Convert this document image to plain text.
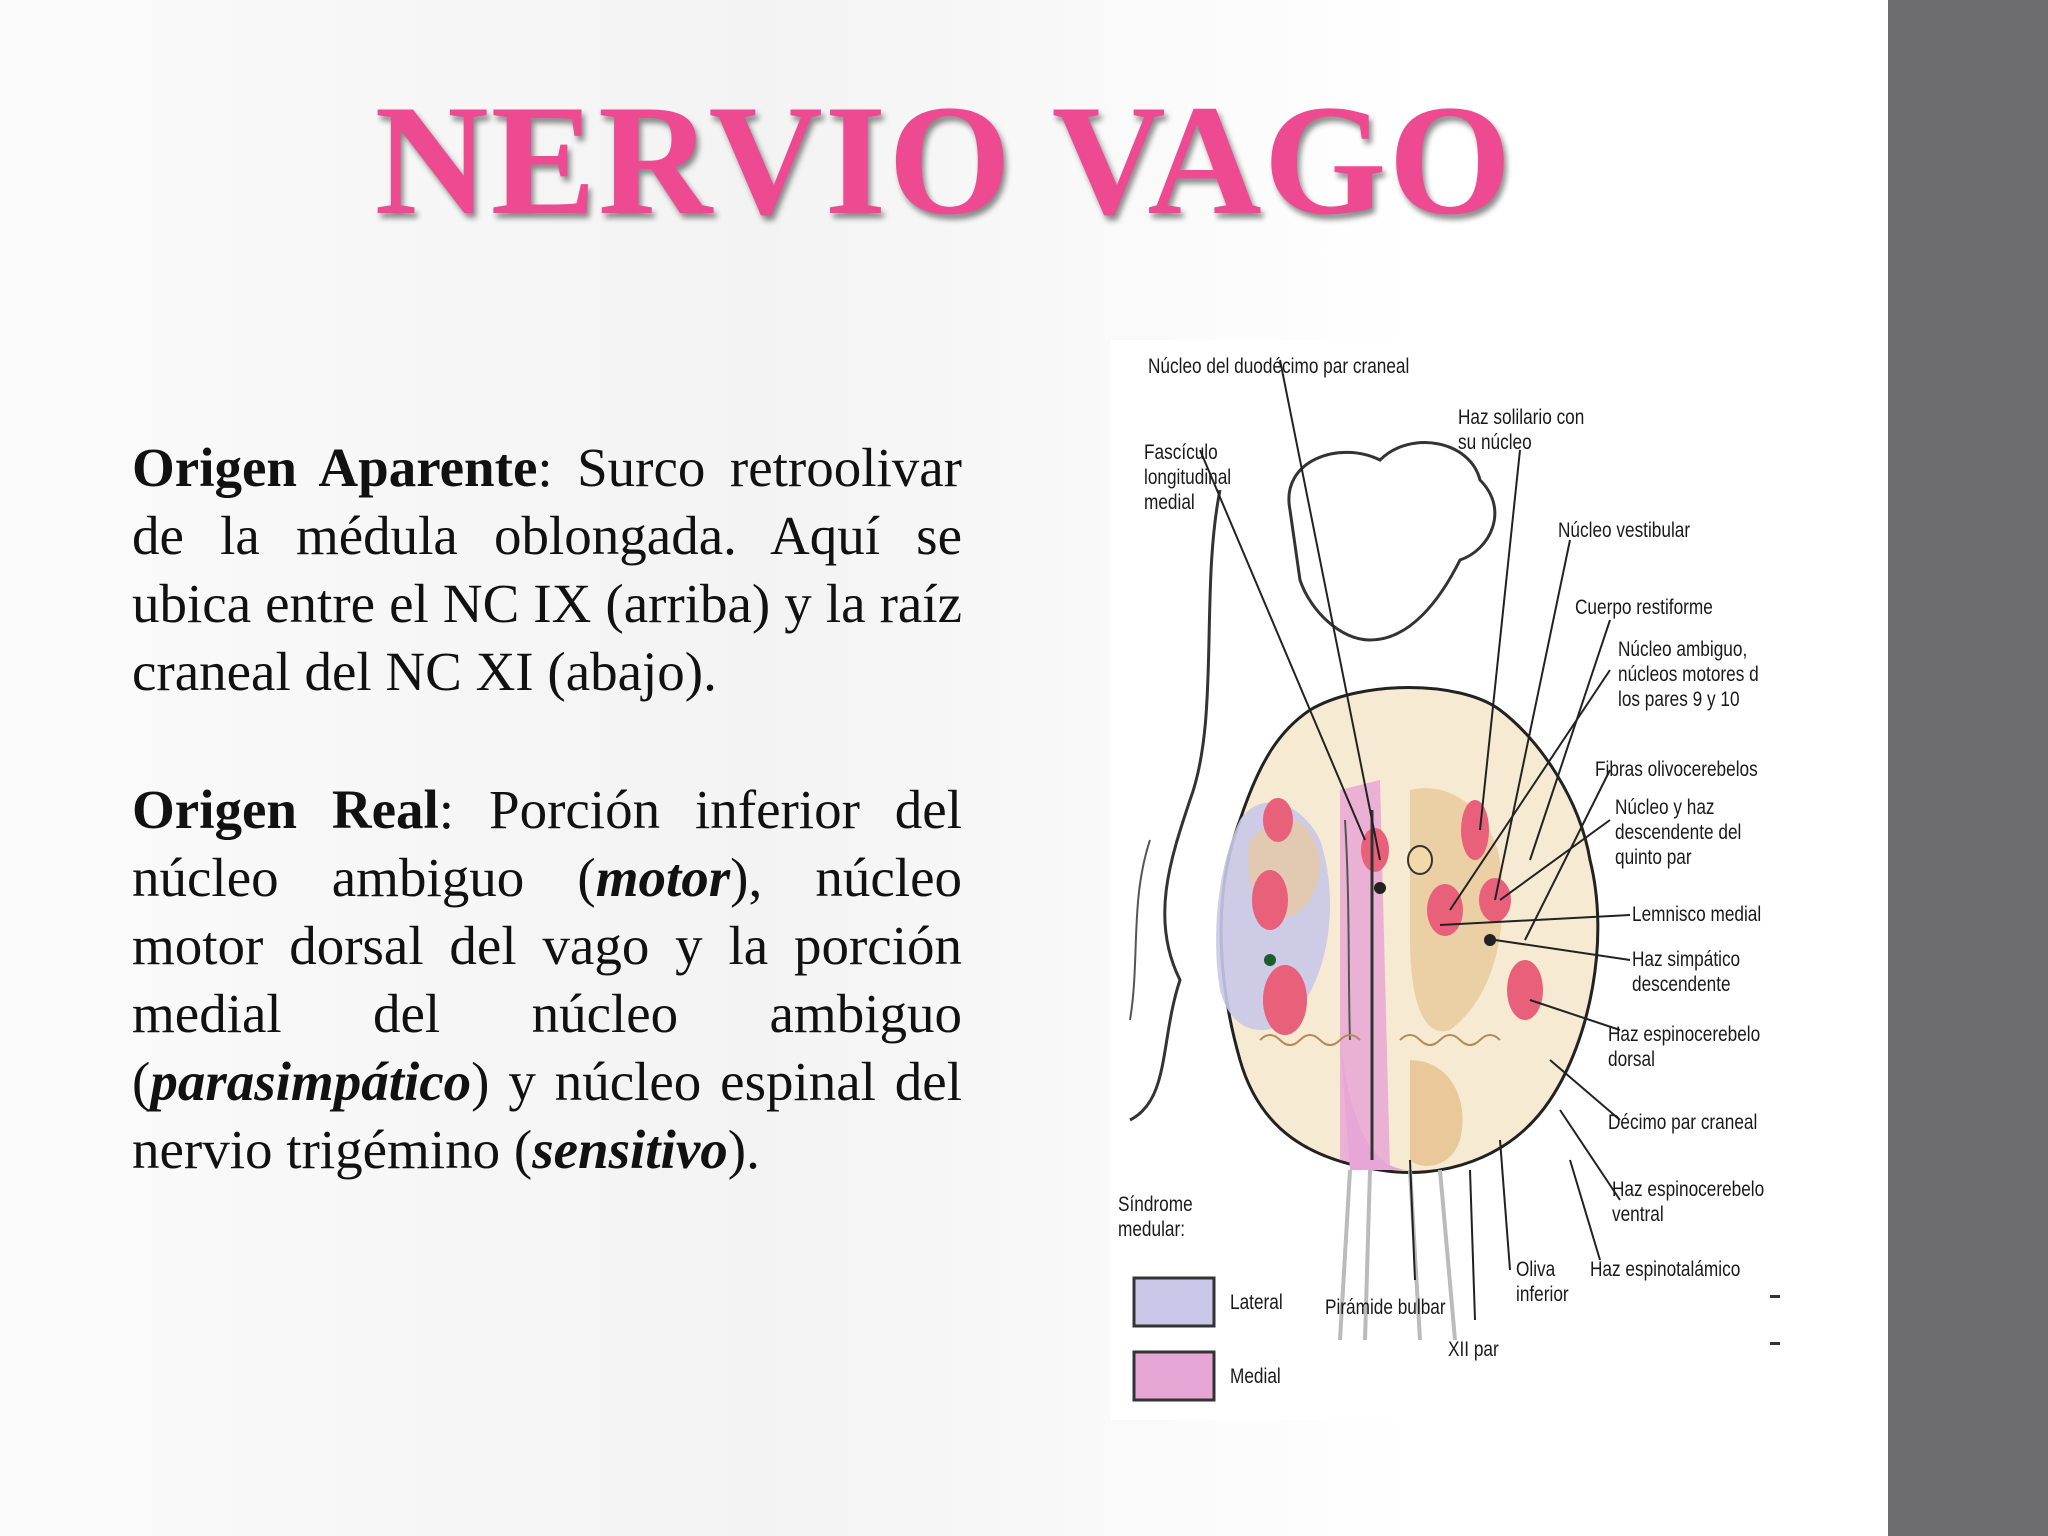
NERVIO VAGO

Origen Aparente: Surco retroolivar de la médula oblongada. Aquí se ubica entre el NC IX (arriba) y la raíz craneal del NC XI (abajo).

Origen Real: Porción inferior del núcleo ambiguo (motor), núcleo motor dorsal del vago y la porción medial del núcleo ambiguo (parasimpático) y núcleo espinal del nervio trigémino (sensitivo).

Núcleo del duodécimo par craneal
Haz solilario con
su núcleo
Fascículo
longitudinal
medial
Núcleo vestibular
Cuerpo restiforme
Núcleo ambiguo,
núcleos motores d
los pares 9 y 10
Fibras olivocerebelos
Núcleo y haz
descendente del
quinto par
Lemnisco medial
Haz simpático
descendente
Haz espinocerebelo
dorsal
Décimo par craneal
Haz espinocerebelo
ventral
Haz espinotalámico
Oliva
inferior
Pirámide bulbar
XII par
Síndrome
medular:
Lateral
Medial
